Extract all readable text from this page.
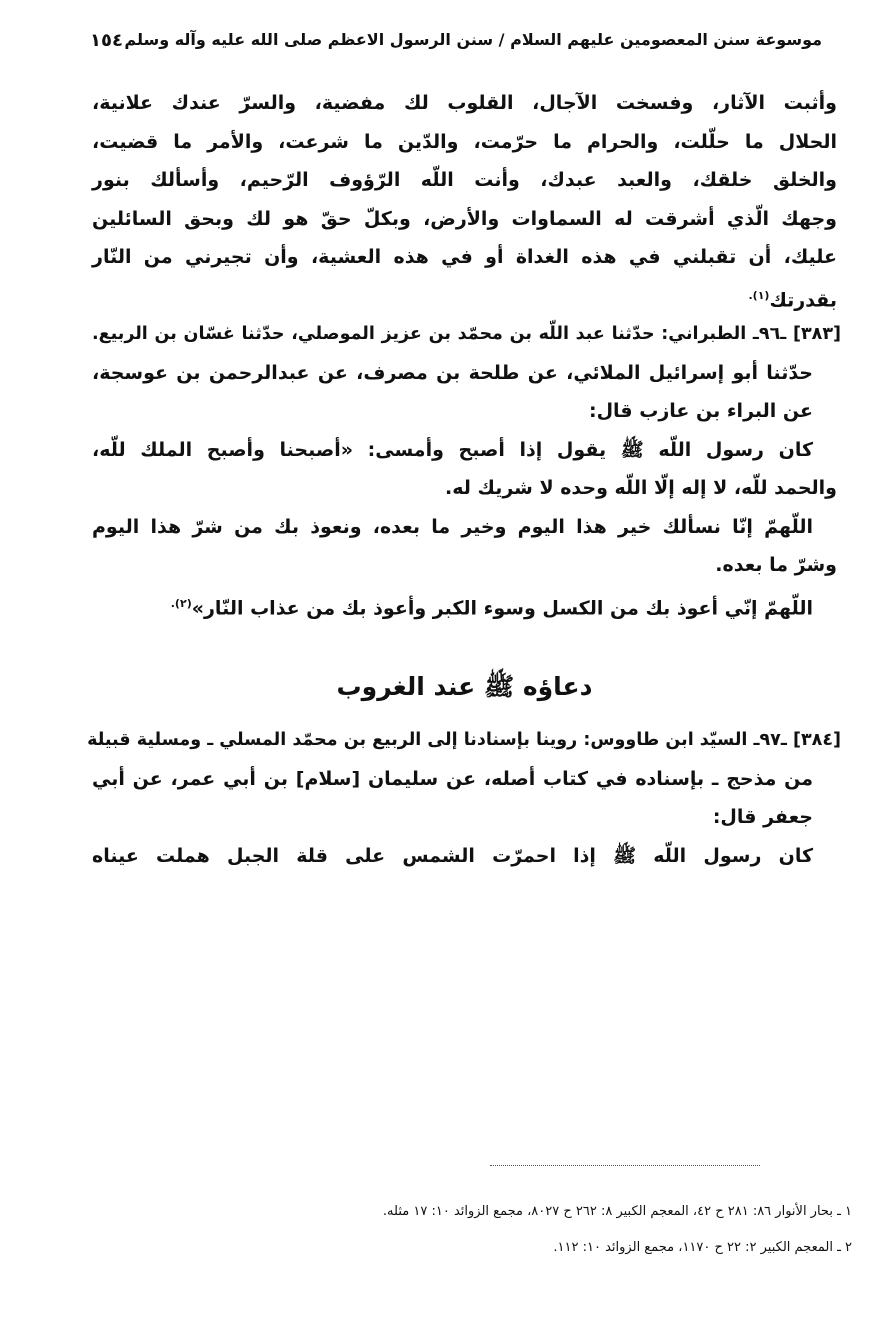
موسوعة سنن المعصومين عليهم السلام / سنن الرسول الاعظم صلى الله عليه وآله وسلم
١٥٤
وأثبت الآثار، وفسخت الآجال، القلوب لك مفضية، والسرّ عندك علانية،
الحلال ما حلّلت، والحرام ما حرّمت، والدّين ما شرعت، والأمر ما قضيت،
والخلق خلقك، والعبد عبدك، وأنت اللّه الرّؤوف الرّحيم، وأسألك بنور
وجهك الّذي أشرقت له السماوات والأرض، وبكلّ حقّ هو لك وبحق السائلين
عليك، أن تقبلني في هذه الغداة أو في هذه العشية، وأن تجيرني من النّار
بقدرتك$^{(١).}$
[٣٨٣] ـ٩٦ـ الطبراني: حدّثنا عبد اللّه بن محمّد بن عزيز الموصلي، حدّثنا غسّان بن الربيع.
حدّثنا أبو إسرائيل الملائي، عن طلحة بن مصرف، عن عبدالرحمن بن عوسجة،
عن البراء بن عازب قال:
كان رسول اللّه ﷺ يقول إذا أصبح وأمسى: «أصبحنا وأصبح الملك للّه،
والحمد للّه، لا إله إلّا اللّه وحده لا شريك له.
اللّهمّ إنّا نسألك خير هذا اليوم وخير ما بعده، ونعوذ بك من شرّ هذا اليوم
وشرّ ما بعده.
اللّهمّ إنّي أعوذ بك من الكسل وسوء الكبر وأعوذ بك من عذاب النّار»$^{(٢).}$
دعاؤه ﷺ عند الغروب
[٣٨٤] ـ٩٧ـ السيّد ابن طاووس: روينا بإسنادنا إلى الربيع بن محمّد المسلي ـ ومسلية قبيلة
من مذحج ـ بإسناده في كتاب أصله، عن سليمان [سلام] بن أبي عمر، عن أبي
جعفر قال:
كان رسول اللّه ﷺ إذا احمرّت الشمس على قلة الجبل هملت عيناه
١ ـ بحار الأنوار ٨٦: ٢٨١ ح ٤٢، المعجم الكبير ٨: ٢٦٢ ح ٨٠٢٧، مجمع الزوائد ١٠: ١٧ مثله.
٢ ـ المعجم الكبير ٢: ٢٢ ح ١١٧٠، مجمع الزوائد ١٠: ١١٢.
